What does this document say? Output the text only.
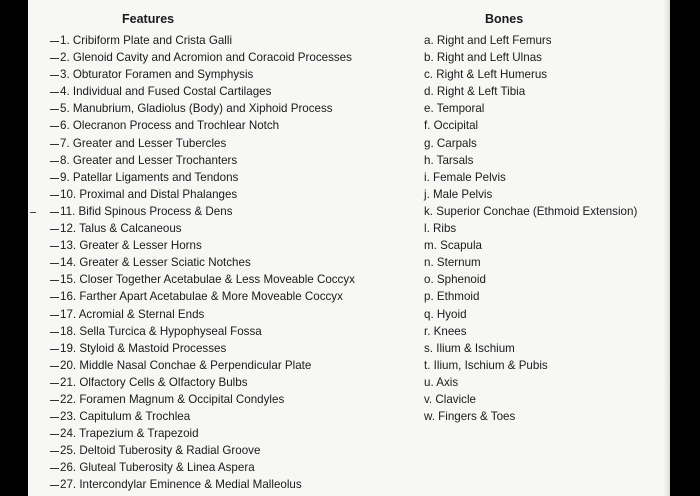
Features	Bones
1. Cribiform Plate and Crista Galli
2. Glenoid Cavity and Acromion and Coracoid Processes
3. Obturator Foramen and Symphysis
4. Individual and Fused Costal Cartilages
5. Manubrium, Gladiolus (Body) and Xiphoid Process
6. Olecranon Process and Trochlear Notch
7. Greater and Lesser Tubercles
8. Greater and Lesser Trochanters
9. Patellar Ligaments and Tendons
10. Proximal and Distal Phalanges
11. Bifid Spinous Process & Dens
12. Talus & Calcaneous
13. Greater & Lesser Horns
14. Greater & Lesser Sciatic Notches
15. Closer Together Acetabulae & Less Moveable Coccyx
16. Farther Apart Acetabulae & More Moveable Coccyx
17. Acromial & Sternal Ends
18. Sella Turcica & Hypophyseal Fossa
19. Styloid & Mastoid Processes
20. Middle Nasal Conchae & Perpendicular Plate
21. Olfactory Cells & Olfactory Bulbs
22. Foramen Magnum & Occipital Condyles
23. Capitulum & Trochlea
24. Trapezium & Trapezoid
25. Deltoid Tuberosity & Radial Groove
26. Gluteal Tuberosity & Linea Aspera
27. Intercondylar Eminence & Medial Malleolus
a. Right and Left Femurs
b. Right and Left Ulnas
c. Right & Left Humerus
d. Right & Left Tibia
e. Temporal
f. Occipital
g. Carpals
h. Tarsals
i. Female Pelvis
j. Male Pelvis
k. Superior Conchae (Ethmoid Extension)
l. Ribs
m. Scapula
n. Sternum
o. Sphenoid
p. Ethmoid
q. Hyoid
r. Knees
s. Ilium & Ischium
t. Ilium, Ischium & Pubis
u. Axis
v. Clavicle
w. Fingers & Toes
